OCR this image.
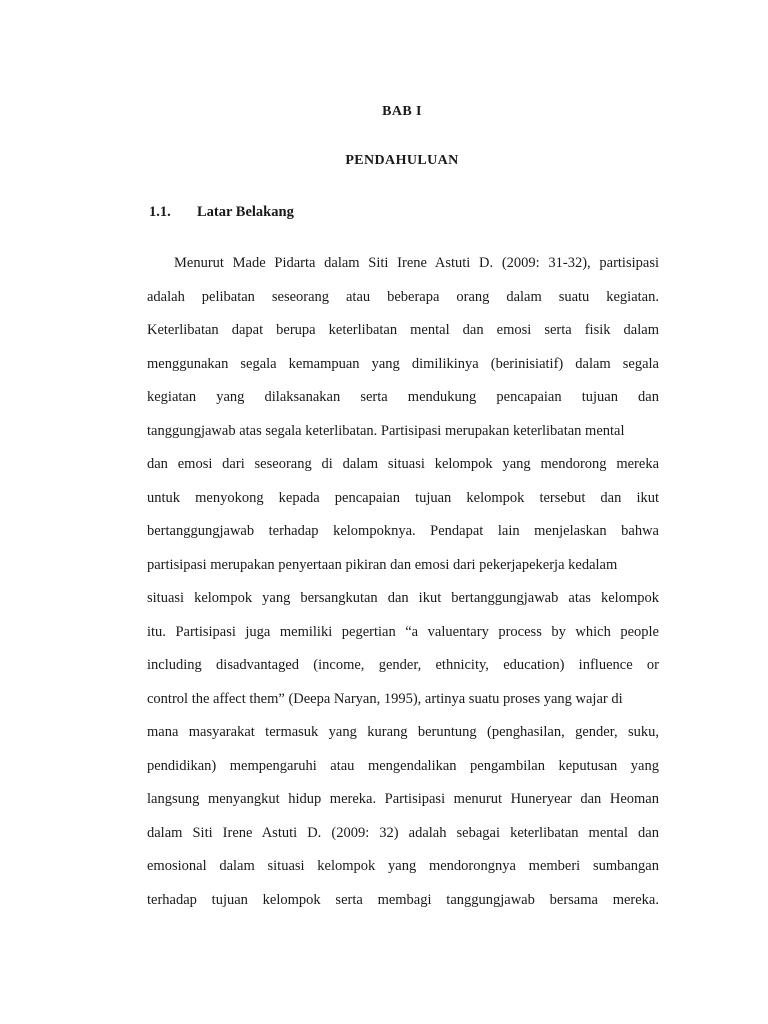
BAB I
PENDAHULUAN
1.1. Latar Belakang
Menurut Made Pidarta dalam Siti Irene Astuti D. (2009: 31-32), partisipasi
adalah pelibatan seseorang atau beberapa orang dalam suatu kegiatan.
Keterlibatan dapat berupa keterlibatan mental dan emosi serta fisik dalam
menggunakan segala kemampuan yang dimilikinya (berinisiatif) dalam segala
kegiatan yang dilaksanakan serta mendukung pencapaian tujuan dan
tanggungjawab atas segala keterlibatan. Partisipasi merupakan keterlibatan mental
dan emosi dari seseorang di dalam situasi kelompok yang mendorong mereka
untuk menyokong kepada pencapaian tujuan kelompok tersebut dan ikut
bertanggungjawab terhadap kelompoknya. Pendapat lain menjelaskan bahwa
partisipasi merupakan penyertaan pikiran dan emosi dari pekerjapekerja kedalam
situasi kelompok yang bersangkutan dan ikut bertanggungjawab atas kelompok
itu. Partisipasi juga memiliki pegertian “a valuentary process by which people
including disadvantaged (income, gender, ethnicity, education) influence or
control the affect them” (Deepa Naryan, 1995), artinya suatu proses yang wajar di
mana masyarakat termasuk yang kurang beruntung (penghasilan, gender, suku,
pendidikan) mempengaruhi atau mengendalikan pengambilan keputusan yang
langsung menyangkut hidup mereka. Partisipasi menurut Huneryear dan Heoman
dalam Siti Irene Astuti D. (2009: 32) adalah sebagai keterlibatan mental dan
emosional dalam situasi kelompok yang mendorongnya memberi sumbangan
terhadap tujuan kelompok serta membagi tanggungjawab bersama mereka.
